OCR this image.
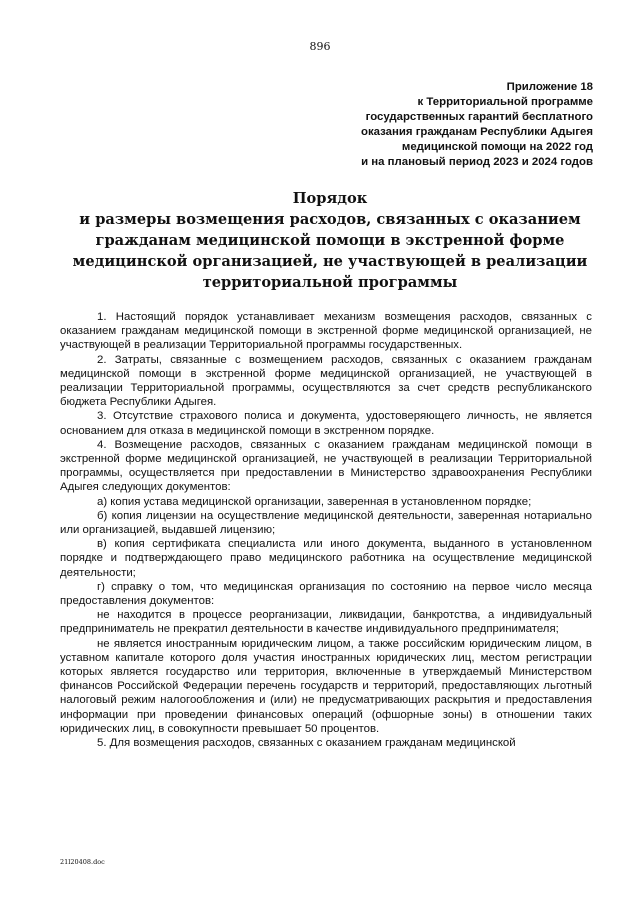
896
Приложение 18
к Территориальной программе
государственных гарантий бесплатного
оказания гражданам Республики Адыгея
медицинской помощи на 2022 год
и на плановый период 2023 и 2024 годов
Порядок
и размеры возмещения расходов, связанных с оказанием
гражданам медицинской помощи в экстренной форме
медицинской организацией, не участвующей в реализации
территориальной программы

1. Настоящий порядок устанавливает механизм возмещения расходов, связанных с оказанием гражданам медицинской помощи в экстренной форме медицинской организацией, не участвующей в реализации Территориальной программы государственных.

2. Затраты, связанные с возмещением расходов, связанных с оказанием гражданам медицинской помощи в экстренной форме медицинской организацией, не участвующей в реализации Территориальной программы, осуществляются за счет средств республиканского бюджета Республики Адыгея.

3. Отсутствие страхового полиса и документа, удостоверяющего личность, не является основанием для отказа в медицинской помощи в экстренном порядке.

4. Возмещение расходов, связанных с оказанием гражданам медицинской помощи в экстренной форме медицинской организацией, не участвующей в реализации Территориальной программы, осуществляется при предоставлении в Министерство здравоохранения Республики Адыгея следующих документов:

а) копия устава медицинской организации, заверенная в установленном порядке;

б) копия лицензии на осуществление медицинской деятельности, заверенная нотариально или организацией, выдавшей лицензию;

в) копия сертификата специалиста или иного документа, выданного в установленном порядке и подтверждающего право медицинского работника на осуществление медицинской деятельности;

г) справку о том, что медицинская организация по состоянию на первое число месяца предоставления документов:

не находится в процессе реорганизации, ликвидации, банкротства, а индивидуальный предприниматель не прекратил деятельности в качестве индивидуального предпринимателя;

не является иностранным юридическим лицом, а также российским юридическим лицом, в уставном капитале которого доля участия иностранных юридических лиц, местом регистрации которых является государство или территория, включенные в утверждаемый Министерством финансов Российской Федерации перечень государств и территорий, предоставляющих льготный налоговый режим налогообложения и (или) не предусматривающих раскрытия и предоставления информации при проведении финансовых операций (офшорные зоны) в отношении таких юридических лиц, в совокупности превышает 50 процентов.

5. Для возмещения расходов, связанных с оказанием гражданам медицинской

21l20408.doc
